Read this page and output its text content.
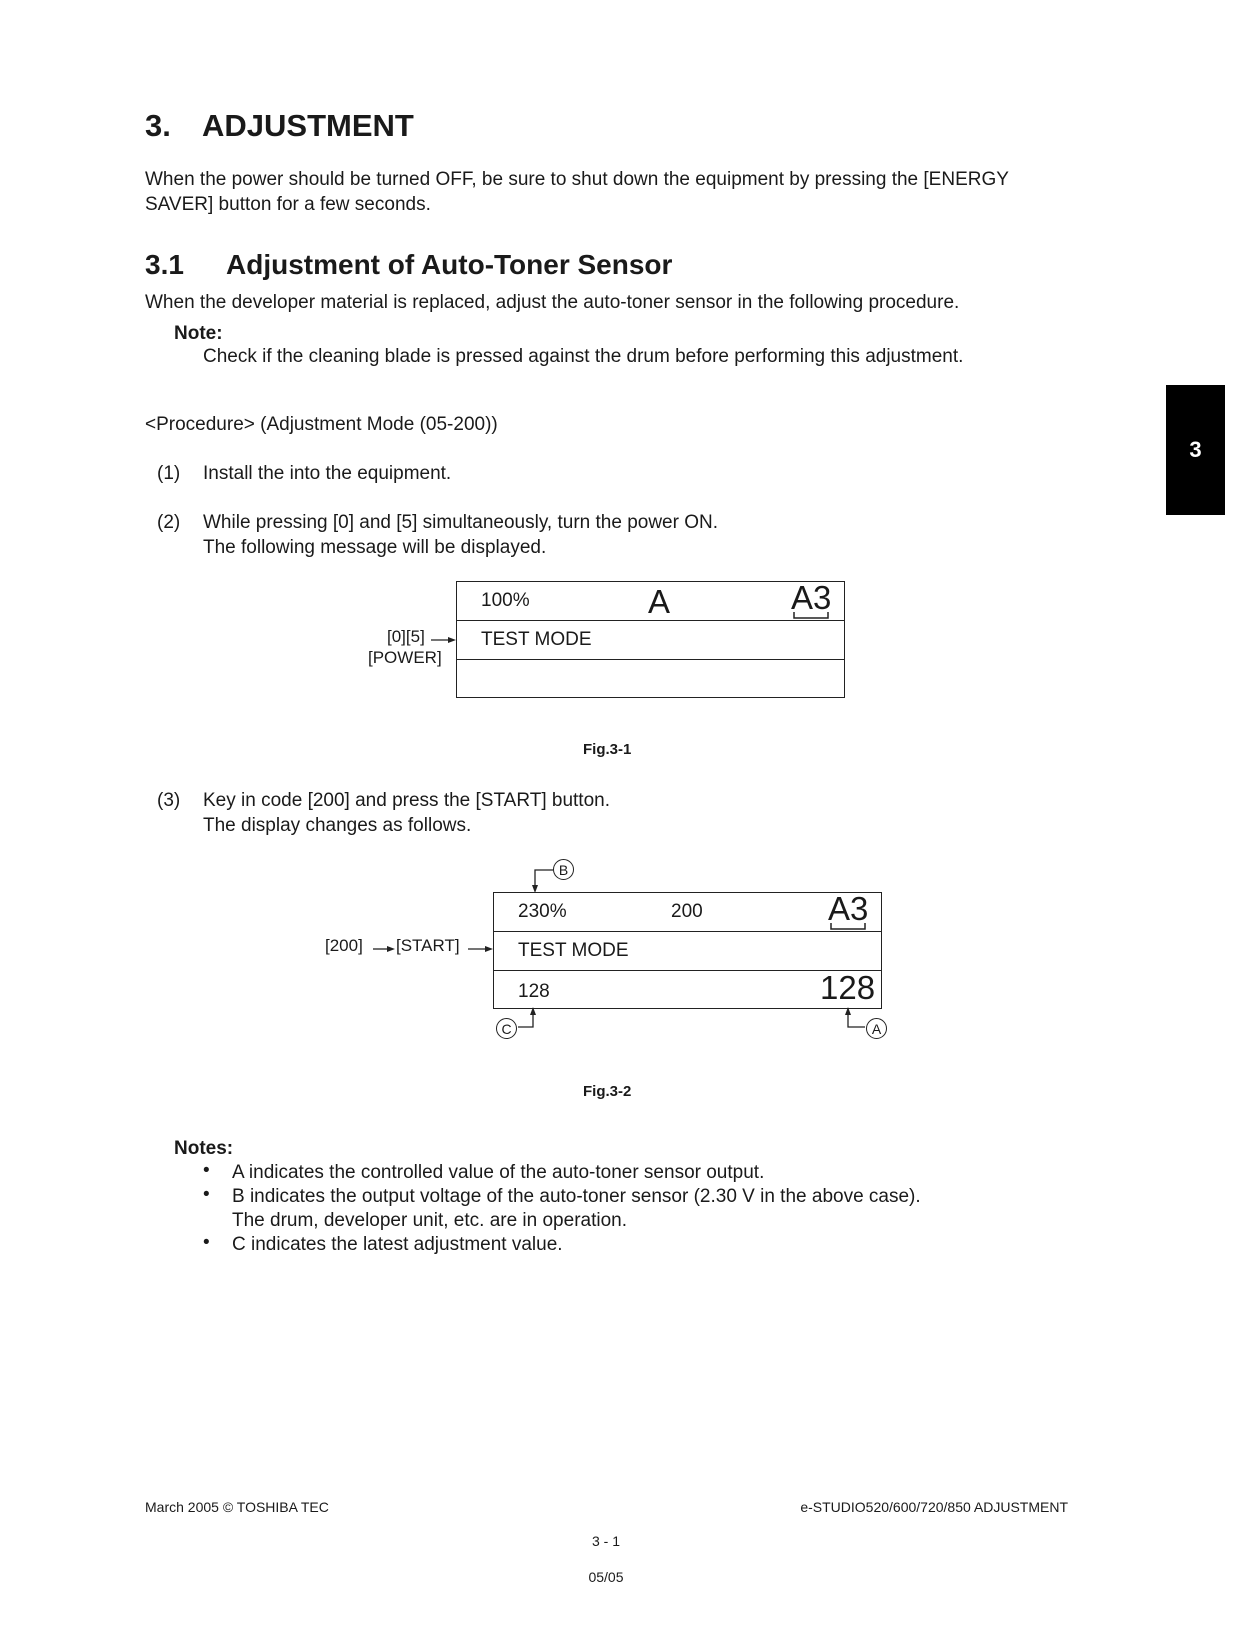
3. ADJUSTMENT
When the power should be turned OFF, be sure to shut down the equipment by pressing the [ENERGY
SAVER] button for a few seconds.
3.1 Adjustment of Auto-Toner Sensor
When the developer material is replaced, adjust the auto-toner sensor in the following procedure.
Note:
Check if the cleaning blade is pressed against the drum before performing this adjustment.
<Procedure> (Adjustment Mode (05-200))
(1) Install the into the equipment.
(2) While pressing [0] and [5] simultaneously, turn the power ON.
The following message will be displayed.
[0][5]
[POWER]
100%	A	A3
TEST MODE
Fig.3-1
(3) Key in code [200] and press the [START] button.
The display changes as follows.
B
[200] [START]
230%	200	A3
TEST MODE
128	128
C	A
Fig.3-2
Notes:
• A indicates the controlled value of the auto-toner sensor output.
• B indicates the output voltage of the auto-toner sensor (2.30 V in the above case).
The drum, developer unit, etc. are in operation.
• C indicates the latest adjustment value.
3
March 2005 © TOSHIBA TEC	e-STUDIO520/600/720/850 ADJUSTMENT
3 - 1
05/05
